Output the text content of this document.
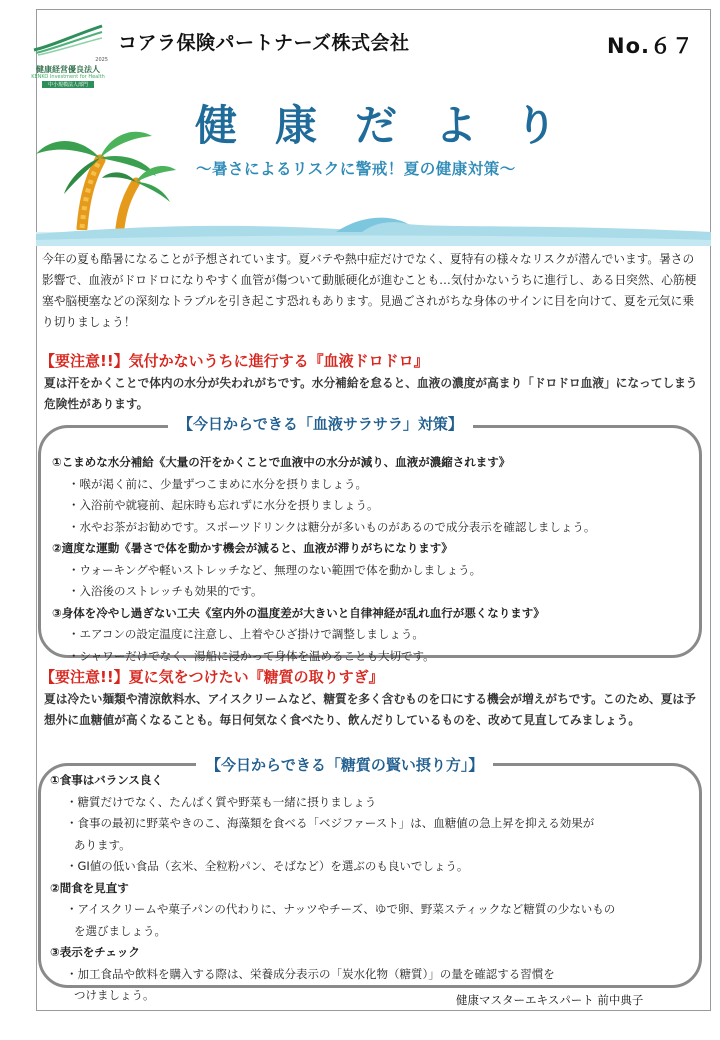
2025
健康経営優良法人
KENKO Investment for Health
中小規模法人部門
コアラ保険パートナーズ株式会社	No.６７
健康だより
～暑さによるリスクに警戒！夏の健康対策～
今年の夏も酷暑になることが予想されています。夏バテや熱中症だけでなく、夏特有の様々なリスクが潜んでいます。暑さの影響で、血液がドロドロになりやすく血管が傷ついて動脈硬化が進むことも…気付かないうちに進行し、ある日突然、心筋梗塞や脳梗塞などの深刻なトラブルを引き起こす恐れもあります。見過ごされがちな身体のサインに目を向けて、夏を元気に乗り切りましょう！
【要注意!!】気付かないうちに進行する『血液ドロドロ』
夏は汗をかくことで体内の水分が失われがちです。水分補給を怠ると、血液の濃度が高まり「ドロドロ血液」になってしまう危険性があります。
【今日からできる「血液サラサラ」対策】
①こまめな水分補給《大量の汗をかくことで血液中の水分が減り、血液が濃縮されます》
・喉が渇く前に、少量ずつこまめに水分を摂りましょう。
・入浴前や就寝前、起床時も忘れずに水分を摂りましょう。
・水やお茶がお勧めです。スポーツドリンクは糖分が多いものがあるので成分表示を確認しましょう。
②適度な運動《暑さで体を動かす機会が減ると、血液が滞りがちになります》
・ウォーキングや軽いストレッチなど、無理のない範囲で体を動かしましょう。
・入浴後のストレッチも効果的です。
③身体を冷やし過ぎない工夫《室内外の温度差が大きいと自律神経が乱れ血行が悪くなります》
・エアコンの設定温度に注意し、上着やひざ掛けで調整しましょう。
・シャワーだけでなく、湯船に浸かって身体を温めることも大切です。
【要注意!!】夏に気をつけたい『糖質の取りすぎ』
夏は冷たい麺類や清涼飲料水、アイスクリームなど、糖質を多く含むものを口にする機会が増えがちです。このため、夏は予想外に血糖値が高くなることも。毎日何気なく食べたり、飲んだりしているものを、改めて見直してみましょう。
【今日からできる「糖質の賢い摂り方」】
①食事はバランス良く
・糖質だけでなく、たんぱく質や野菜も一緒に摂りましょう
・食事の最初に野菜やきのこ、海藻類を食べる「ベジファースト」は、血糖値の急上昇を抑える効果が
あります。
・GI値の低い食品（玄米、全粒粉パン、そばなど）を選ぶのも良いでしょう。
②間食を見直す
・アイスクリームや菓子パンの代わりに、ナッツやチーズ、ゆで卵、野菜スティックなど糖質の少ないもの
を選びましょう。
③表示をチェック
・加工食品や飲料を購入する際は、栄養成分表示の「炭水化物（糖質）」の量を確認する習慣を
つけましょう。	健康マスターエキスパート 前中典子
